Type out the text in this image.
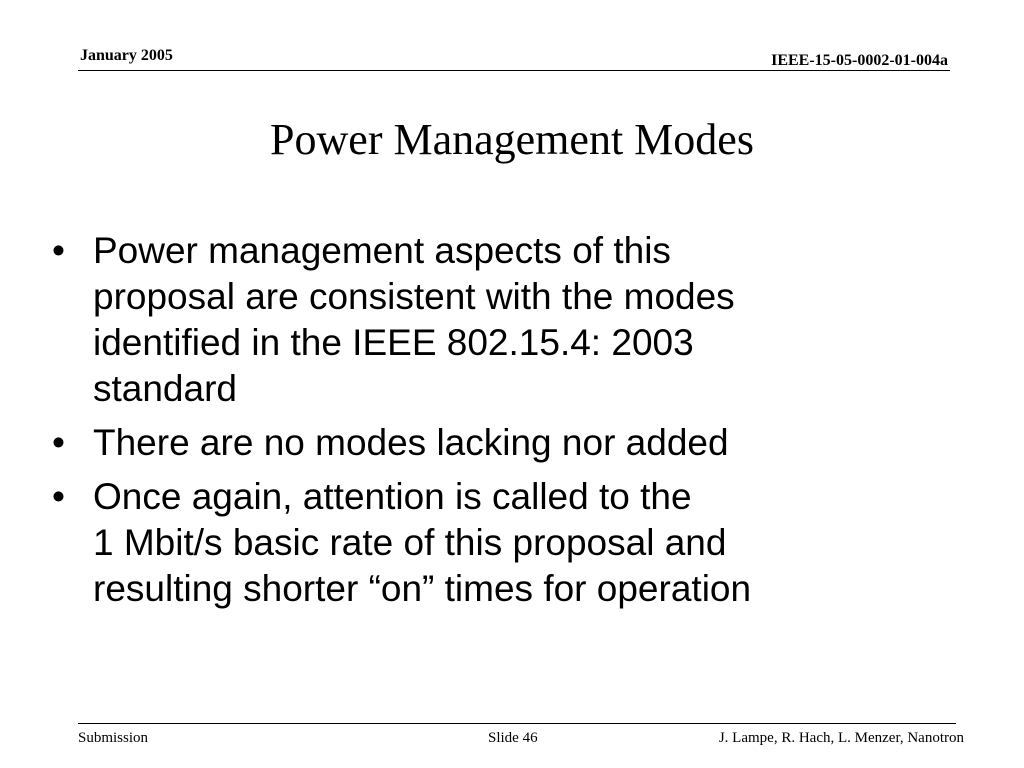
January 2005	IEEE-15-05-0002-01-004a
Power Management Modes
• Power management aspects of this
proposal are consistent with the modes
identified in the IEEE 802.15.4: 2003
standard
• There are no modes lacking nor added
• Once again, attention is called to the
1 Mbit/s basic rate of this proposal and
resulting shorter “on” times for operation
Submission	Slide 46	J. Lampe, R. Hach, L. Menzer, Nanotron
